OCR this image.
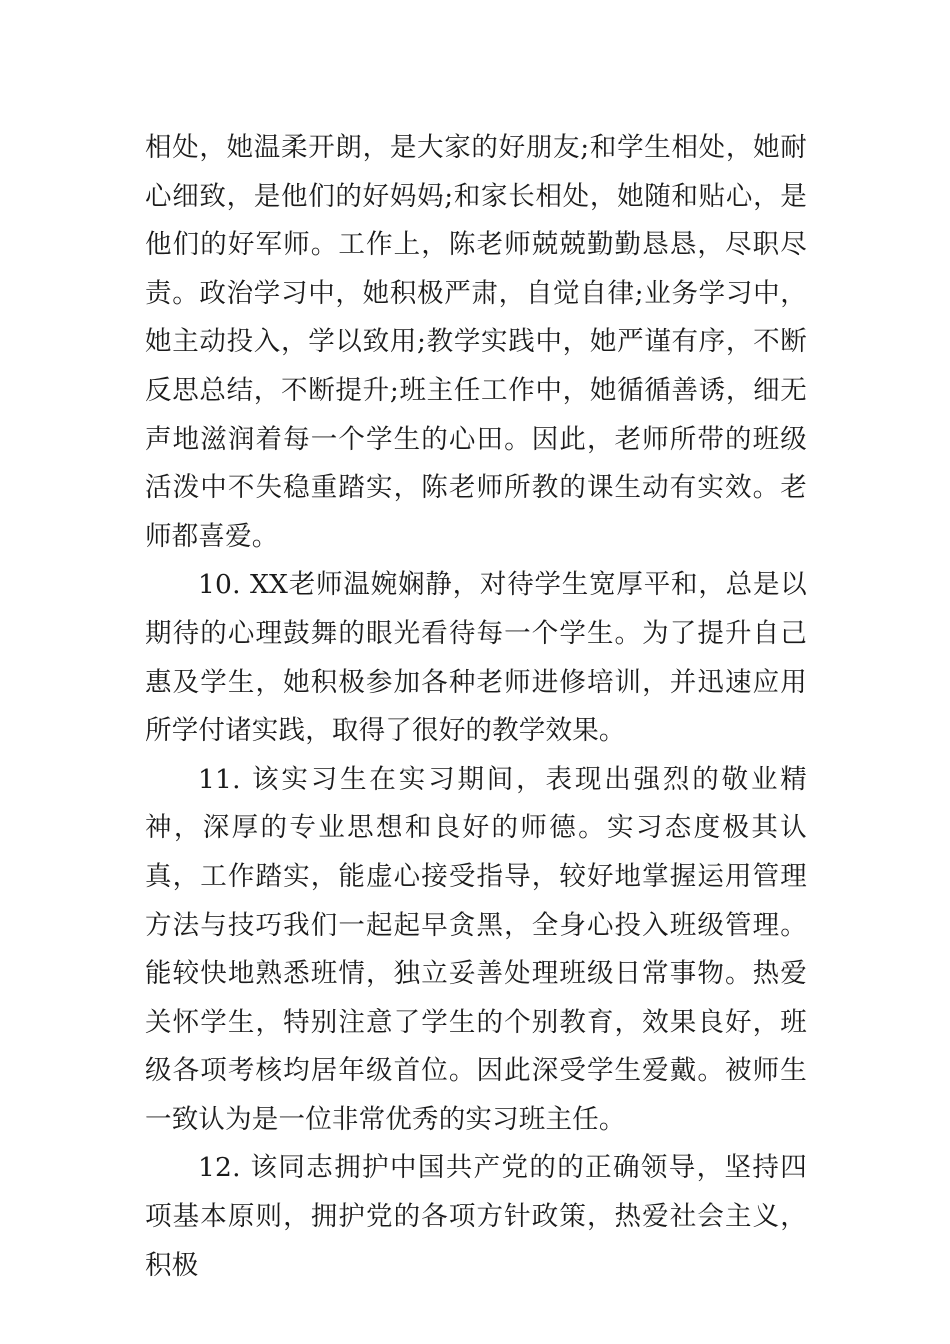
相处，她温柔开朗，是大家的好朋友;和学生相处，她耐心细致，是他们的好妈妈;和家长相处，她随和贴心，是他们的好军师。工作上，陈老师兢兢勤勤恳恳，尽职尽责。政治学习中，她积极严肃，自觉自律;业务学习中，她主动投入，学以致用;教学实践中，她严谨有序，不断反思总结，不断提升;班主任工作中，她循循善诱，细无声地滋润着每一个学生的心田。因此，老师所带的班级活泼中不失稳重踏实，陈老师所教的课生动有实效。老师都喜爱。

10. XX老师温婉娴静，对待学生宽厚平和，总是以期待的心理鼓舞的眼光看待每一个学生。为了提升自己惠及学生，她积极参加各种老师进修培训，并迅速应用所学付诸实践，取得了很好的教学效果。

11. 该实习生在实习期间，表现出强烈的敬业精神，深厚的专业思想和良好的师德。实习态度极其认真，工作踏实，能虚心接受指导，较好地掌握运用管理方法与技巧我们一起起早贪黑，全身心投入班级管理。能较快地熟悉班情，独立妥善处理班级日常事物。热爱关怀学生，特别注意了学生的个别教育，效果良好，班级各项考核均居年级首位。因此深受学生爱戴。被师生一致认为是一位非常优秀的实习班主任。

12. 该同志拥护中国共产党的的正确领导，坚持四项基本原则，拥护党的各项方针政策，热爱社会主义，积极
